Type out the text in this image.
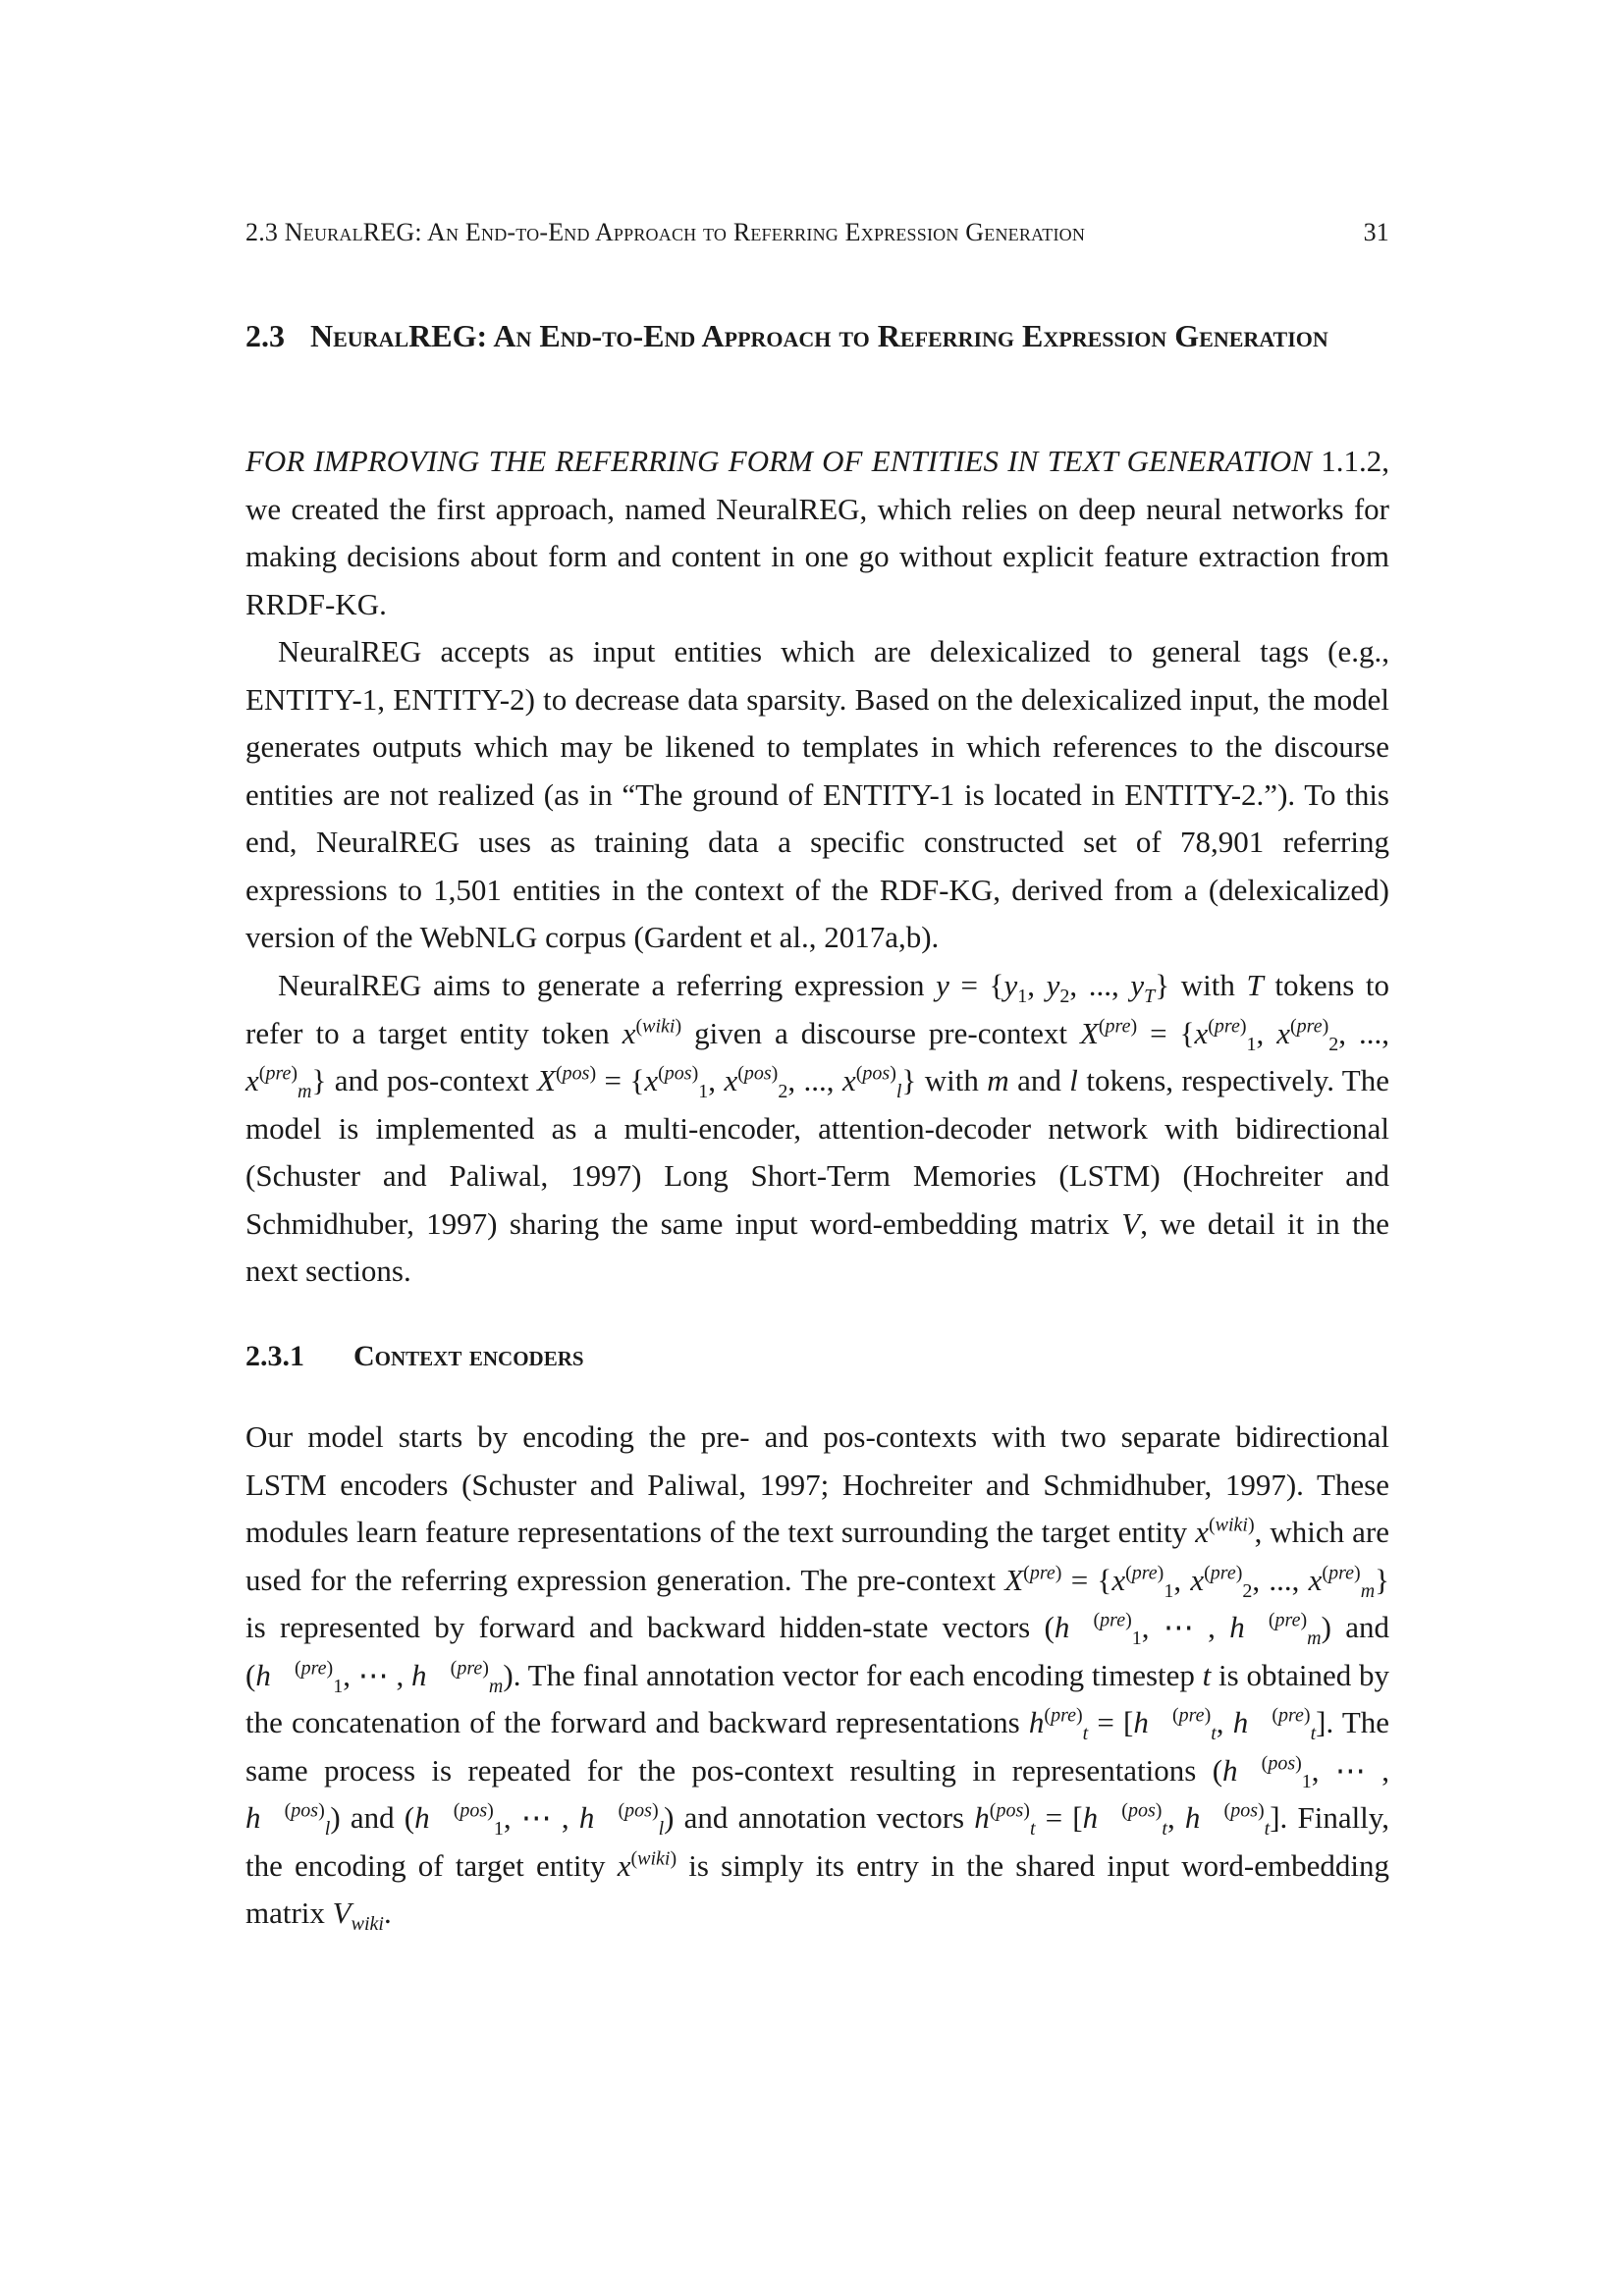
2.3 NeuralREG: An End-to-End Approach to Referring Expression Generation	31
2.3 NeuralREG: An End-to-End Approach to Referring Expression Generation

FOR IMPROVING THE REFERRING FORM OF ENTITIES IN TEXT GENERATION 1.1.2, we created the first approach, named NeuralREG, which relies on deep neural networks for making decisions about form and content in one go without explicit feature extraction from RRDF-KG.

NeuralREG accepts as input entities which are delexicalized to general tags (e.g., ENTITY-1, ENTITY-2) to decrease data sparsity. Based on the delexicalized input, the model generates outputs which may be likened to templates in which references to the discourse entities are not realized (as in “The ground of ENTITY-1 is located in ENTITY-2.”). To this end, NeuralREG uses as training data a specific constructed set of 78,901 referring expressions to 1,501 entities in the context of the RDF-KG, derived from a (delexicalized) version of the WebNLG corpus (Gardent et al., 2017a,b).

NeuralREG aims to generate a referring expression $y = \{y_1$, $y_2$, ..., $y_T$} with T tokens to refer to a target entity token $x^{(wiki)}$ given a discourse pre-context $X^{(pre)} = \{x^{(pre)}_1$, $x^{(pre)}_2$, ..., $x^{(pre)}_m$} and pos-context $X^{(pos)} = \{x^{(pos)}_1$, $x^{(pos)}_2$, ..., $x^{(pos)}_l$} with m and l tokens, respectively. The model is implemented as a multi-encoder, attention-decoder network with bidirectional (Schuster and Paliwal, 1997) Long Short-Term Memories (LSTM) (Hochreiter and Schmidhuber, 1997) sharing the same input word-embedding matrix V, we detail it in the next sections.

2.3.1 Context encoders

Our model starts by encoding the pre- and pos-contexts with two separate bidirectional LSTM encoders (Schuster and Paliwal, 1997; Hochreiter and Schmidhuber, 1997). These modules learn feature representations of the text surrounding the target entity $x^{(wiki)}$, which are used for the referring expression generation. The pre-context $X^{(pre)} = \{x^{(pre)}_1$, $x^{(pre)}_2$, ..., $x^{(pre)}_m$} is represented by forward and backward hidden-state vectors (h⃗$^{(pre)}_1$, ⋯ , h⃗$^{(pre)}_m$) and (h⃖$^{(pre)}_1$, ⋯ , h⃖$^{(pre)}_m$). The final annotation vector for each encoding timestep t is obtained by the concatenation of the forward and backward representations $h^{(pre)}_t$ = [h⃗$^{(pre)}_t$, h⃖$^{(pre)}_t$]. The same process is repeated for the pos-context resulting in representations (h⃗$^{(pos)}_1$, ⋯ , h⃗$^{(pos)}_l$) and (h⃖$^{(pos)}_1$, ⋯ , h⃖$^{(pos)}_l$) and annotation vectors $h^{(pos)}_t$ = [h⃗$^{(pos)}_t$, h⃖$^{(pos)}_t$]. Finally, the encoding of target entity $x^{(wiki)}$ is simply its entry in the shared input word-embedding matrix $V_{wiki}$.
